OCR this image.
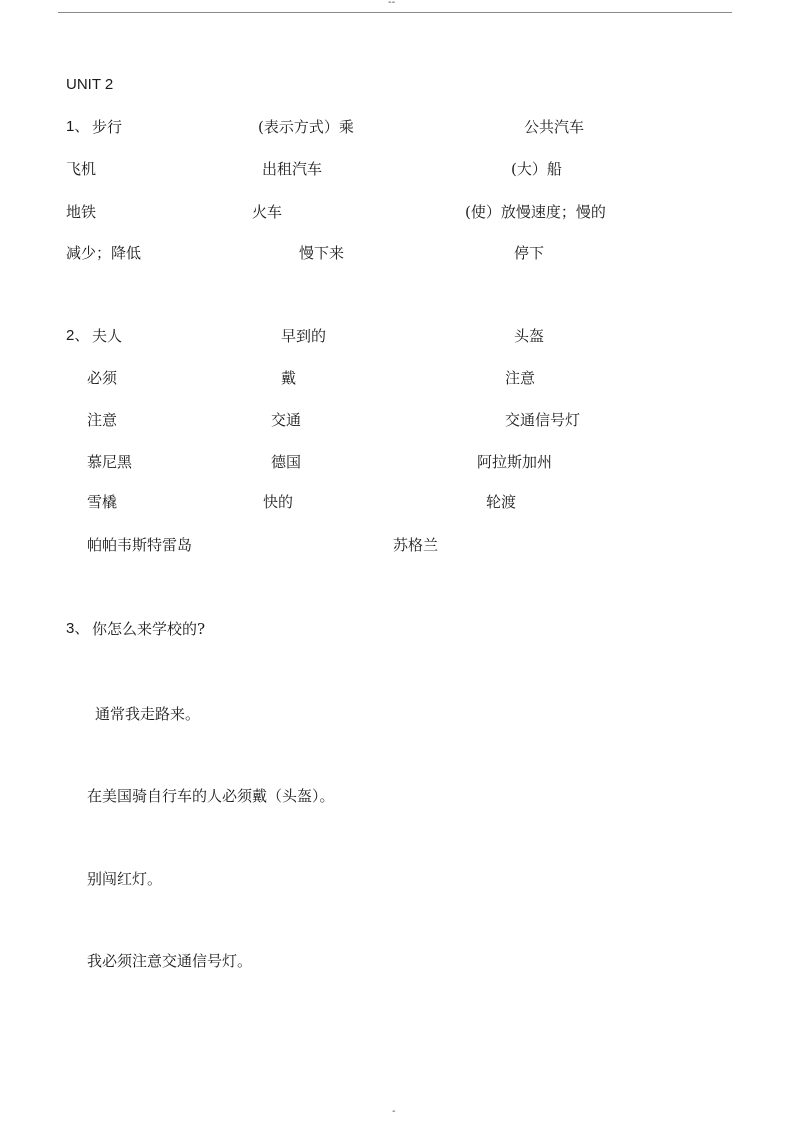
--
UNIT 2
1、 步行	(表示方式）乘	公共汽车
飞机	出租汽车	(大）船
地铁	火车	(使）放慢速度；慢的
减少；降低	慢下来	停下
2、 夫人	早到的	头盔
必须	戴	注意
注意	交通	交通信号灯
慕尼黑	德国	阿拉斯加州
雪橇	快的	轮渡
帕帕韦斯特雷岛	苏格兰
3、 你怎么来学校的?
通常我走路来。
在美国骑自行车的人必须戴（头盔）。
别闯红灯。
我必须注意交通信号灯。
-
